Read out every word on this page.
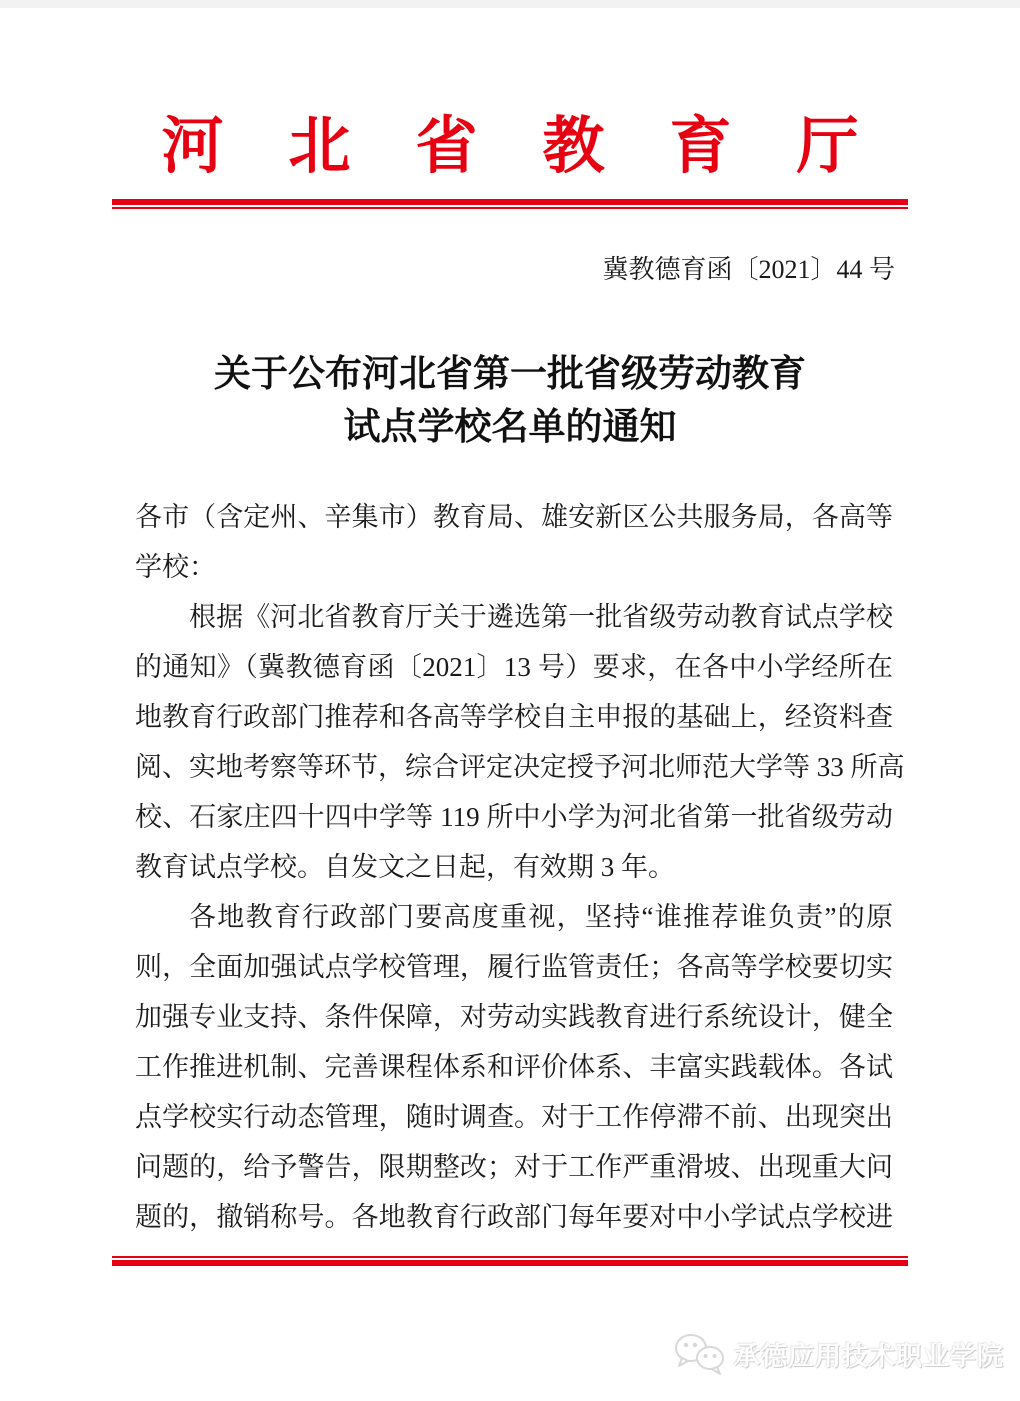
河北省教育厅
冀教德育函〔2021〕44 号
关于公布河北省第一批省级劳动教育
试点学校名单的通知
各市（含定州、辛集市）教育局、雄安新区公共服务局，各高等
学校：
根据《河北省教育厅关于遴选第一批省级劳动教育试点学校
的通知》（冀教德育函〔2021〕13 号）要求，在各中小学经所在
地教育行政部门推荐和各高等学校自主申报的基础上，经资料查
阅、实地考察等环节，综合评定决定授予河北师范大学等 33 所高
校、石家庄四十四中学等 119 所中小学为河北省第一批省级劳动
教育试点学校。自发文之日起，有效期 3 年。
各地教育行政部门要高度重视，坚持“谁推荐谁负责”的原
则，全面加强试点学校管理，履行监管责任；各高等学校要切实
加强专业支持、条件保障，对劳动实践教育进行系统设计，健全
工作推进机制、完善课程体系和评价体系、丰富实践载体。各试
点学校实行动态管理，随时调查。对于工作停滞不前、出现突出
问题的，给予警告，限期整改；对于工作严重滑坡、出现重大问
题的，撤销称号。各地教育行政部门每年要对中小学试点学校进
承德应用技术职业学院
